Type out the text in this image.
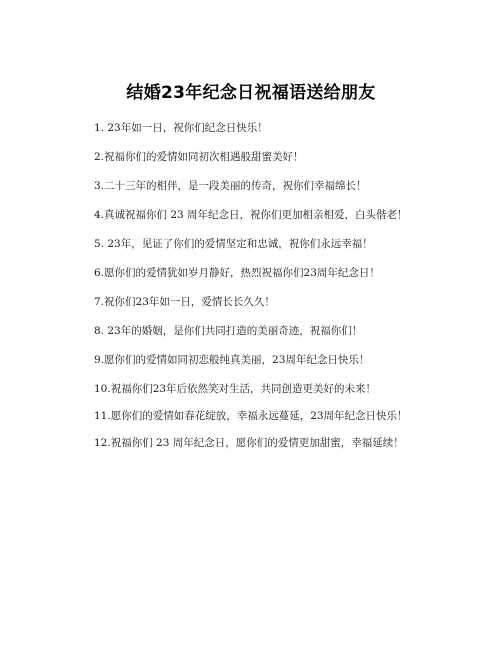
结婚23年纪念日祝福语送给朋友
1. 23年如一日，祝你们纪念日快乐！
2.祝福你们的爱情如同初次相遇般甜蜜美好！
3.二十三年的相伴，是一段美丽的传奇，祝你们幸福绵长！
4.真诚祝福你们 23 周年纪念日，祝你们更加相亲相爱，白头偕老！
5. 23年，见证了你们的爱情坚定和忠诚，祝你们永远幸福！
6.愿你们的爱情犹如岁月静好，热烈祝福你们23周年纪念日！
7.祝你们23年如一日，爱情长长久久！
8. 23年的婚姻，是你们共同打造的美丽奇迹，祝福你们！
9.愿你们的爱情如同初恋般纯真美丽，23周年纪念日快乐！
10.祝福你们23年后依然笑对生活，共同创造更美好的未来！
11.愿你们的爱情如春花绽放，幸福永远蔓延，23周年纪念日快乐！
12.祝福你们 23 周年纪念日，愿你们的爱情更加甜蜜，幸福延续！
